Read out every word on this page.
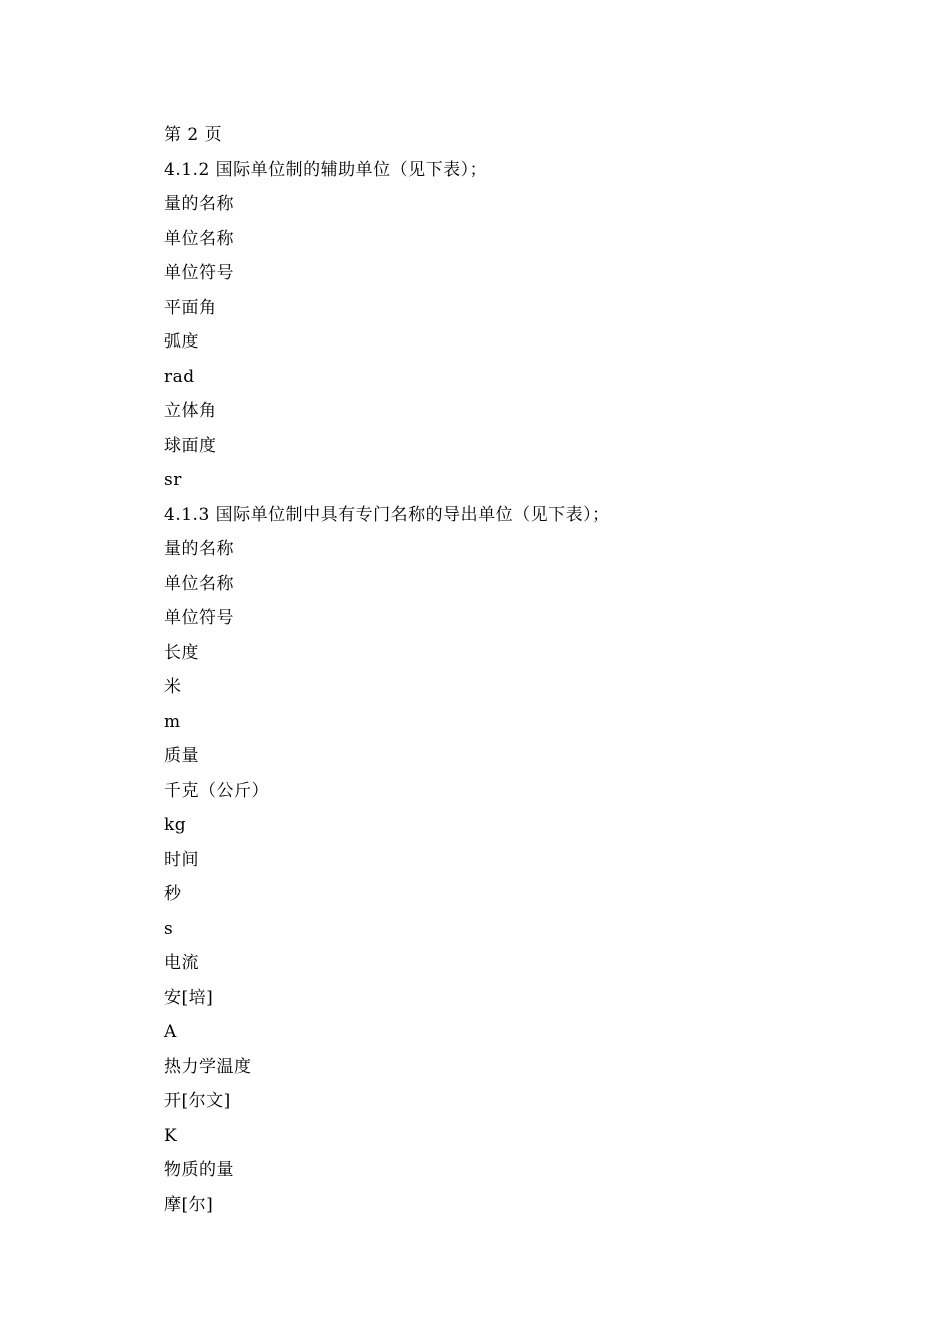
第 2 页
4.1.2 国际单位制的辅助单位（见下表）；
量的名称
单位名称
单位符号
平面角
弧度
rad
立体角
球面度
sr
4.1.3 国际单位制中具有专门名称的导出单位（见下表）；
量的名称
单位名称
单位符号
长度
米
m
质量
千克（公斤）
kg
时间
秒
s
电流
安[培]
A
热力学温度
开[尔文]
K
物质的量
摩[尔]
